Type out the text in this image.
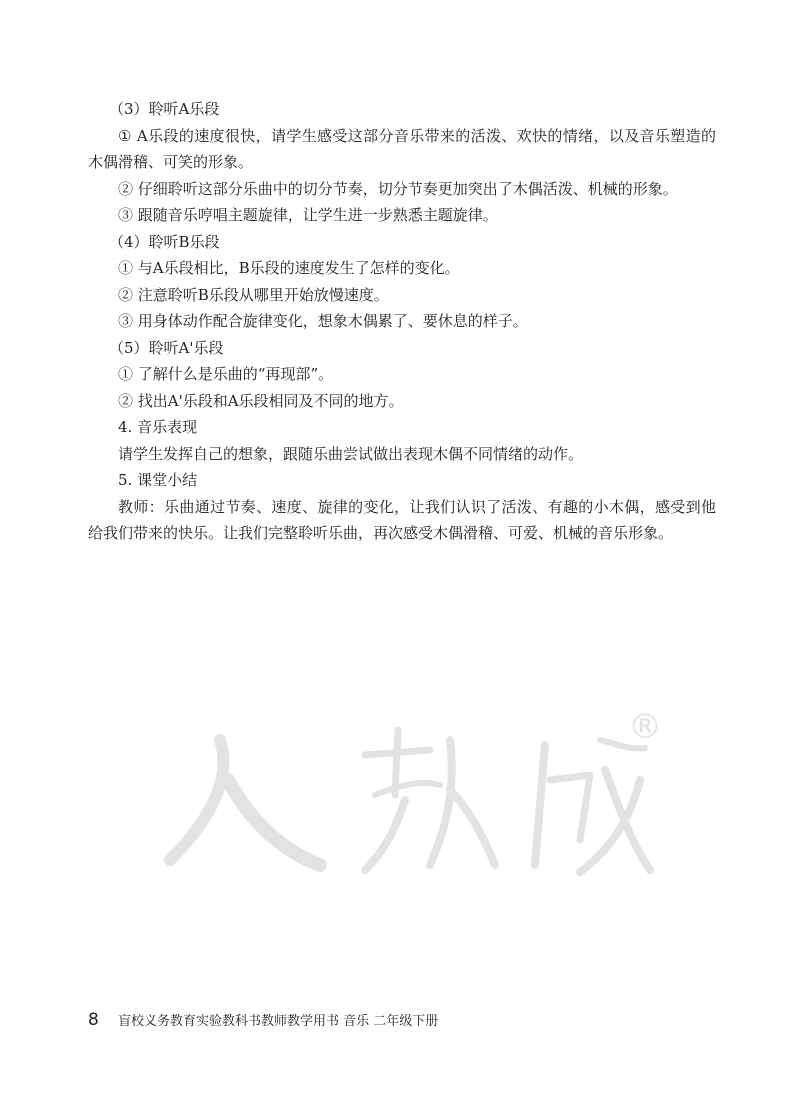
（3）聆听A乐段

① A乐段的速度很快，请学生感受这部分音乐带来的活泼、欢快的情绪，以及音乐塑造的木偶滑稽、可笑的形象。

② 仔细聆听这部分乐曲中的切分节奏，切分节奏更加突出了木偶活泼、机械的形象。

③ 跟随音乐哼唱主题旋律，让学生进一步熟悉主题旋律。

（4）聆听B乐段

① 与A乐段相比，B乐段的速度发生了怎样的变化。

② 注意聆听B乐段从哪里开始放慢速度。

③ 用身体动作配合旋律变化，想象木偶累了、要休息的样子。

（5）聆听A'乐段

① 了解什么是乐曲的“再现部”。

② 找出A'乐段和A乐段相同及不同的地方。

4. 音乐表现

请学生发挥自己的想象，跟随乐曲尝试做出表现木偶不同情绪的动作。

5. 课堂小结

教师：乐曲通过节奏、速度、旋律的变化，让我们认识了活泼、有趣的小木偶，感受到他给我们带来的快乐。让我们完整聆听乐曲，再次感受木偶滑稽、可爱、机械的音乐形象。

®
8	盲校义务教育实验教科书教师教学用书 音乐 二年级下册
